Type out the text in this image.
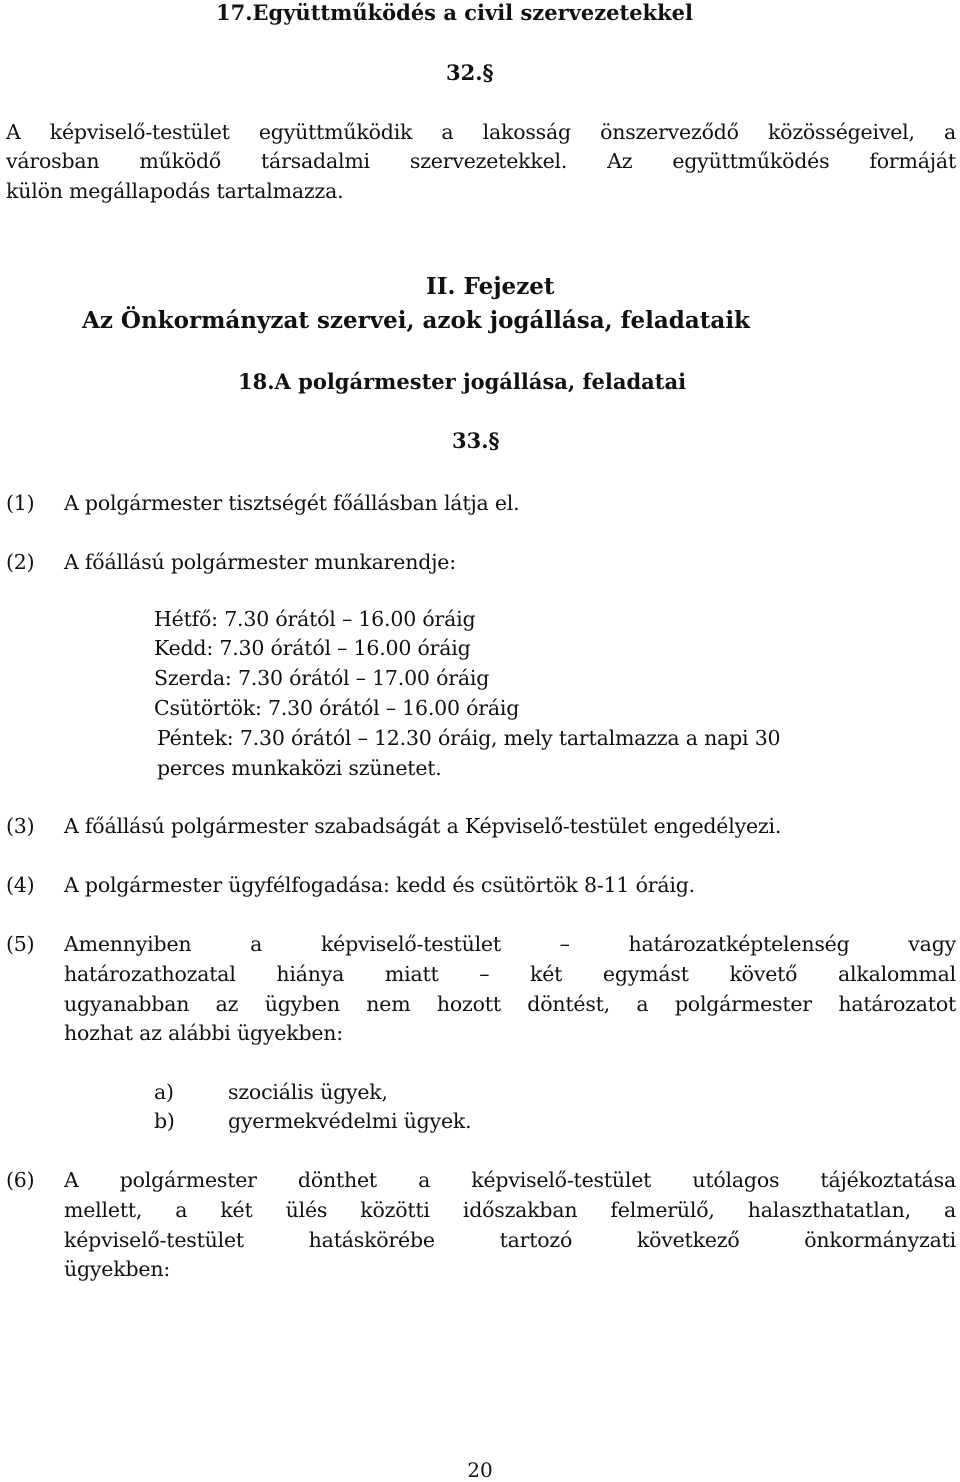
17.Együttműködés a civil szervezetekkel
32.§
A képviselő-testület együttműködik a lakosság önszerveződő közösségeivel, a
városban működő társadalmi szervezetekkel. Az együttműködés formáját
külön megállapodás tartalmazza.
II. Fejezet
Az Önkormányzat szervei, azok jogállása, feladataik
18.A polgármester jogállása, feladatai
33.§
(1) A polgármester tisztségét főállásban látja el.
(2) A főállású polgármester munkarendje:
Hétfő: 7.30 órától – 16.00 óráig
Kedd: 7.30 órától – 16.00 óráig
Szerda: 7.30 órától – 17.00 óráig
Csütörtök: 7.30 órától – 16.00 óráig
Péntek: 7.30 órától – 12.30 óráig, mely tartalmazza a napi 30
perces munkaközi szünetet.
(3) A főállású polgármester szabadságát a Képviselő-testület engedélyezi.
(4) A polgármester ügyfélfogadása: kedd és csütörtök 8-11 óráig.
(5) Amennyiben a képviselő-testület – határozatképtelenség vagy
határozathozatal hiánya miatt – két egymást követő alkalommal
ugyanabban az ügyben nem hozott döntést, a polgármester határozatot
hozhat az alábbi ügyekben:
a)	szociális ügyek,
b)	gyermekvédelmi ügyek.
(6) A polgármester dönthet a képviselő-testület utólagos tájékoztatása
mellett, a két ülés közötti időszakban felmerülő, halaszthatatlan, a
képviselő-testület hatáskörébe tartozó következő önkormányzati
ügyekben:
20
